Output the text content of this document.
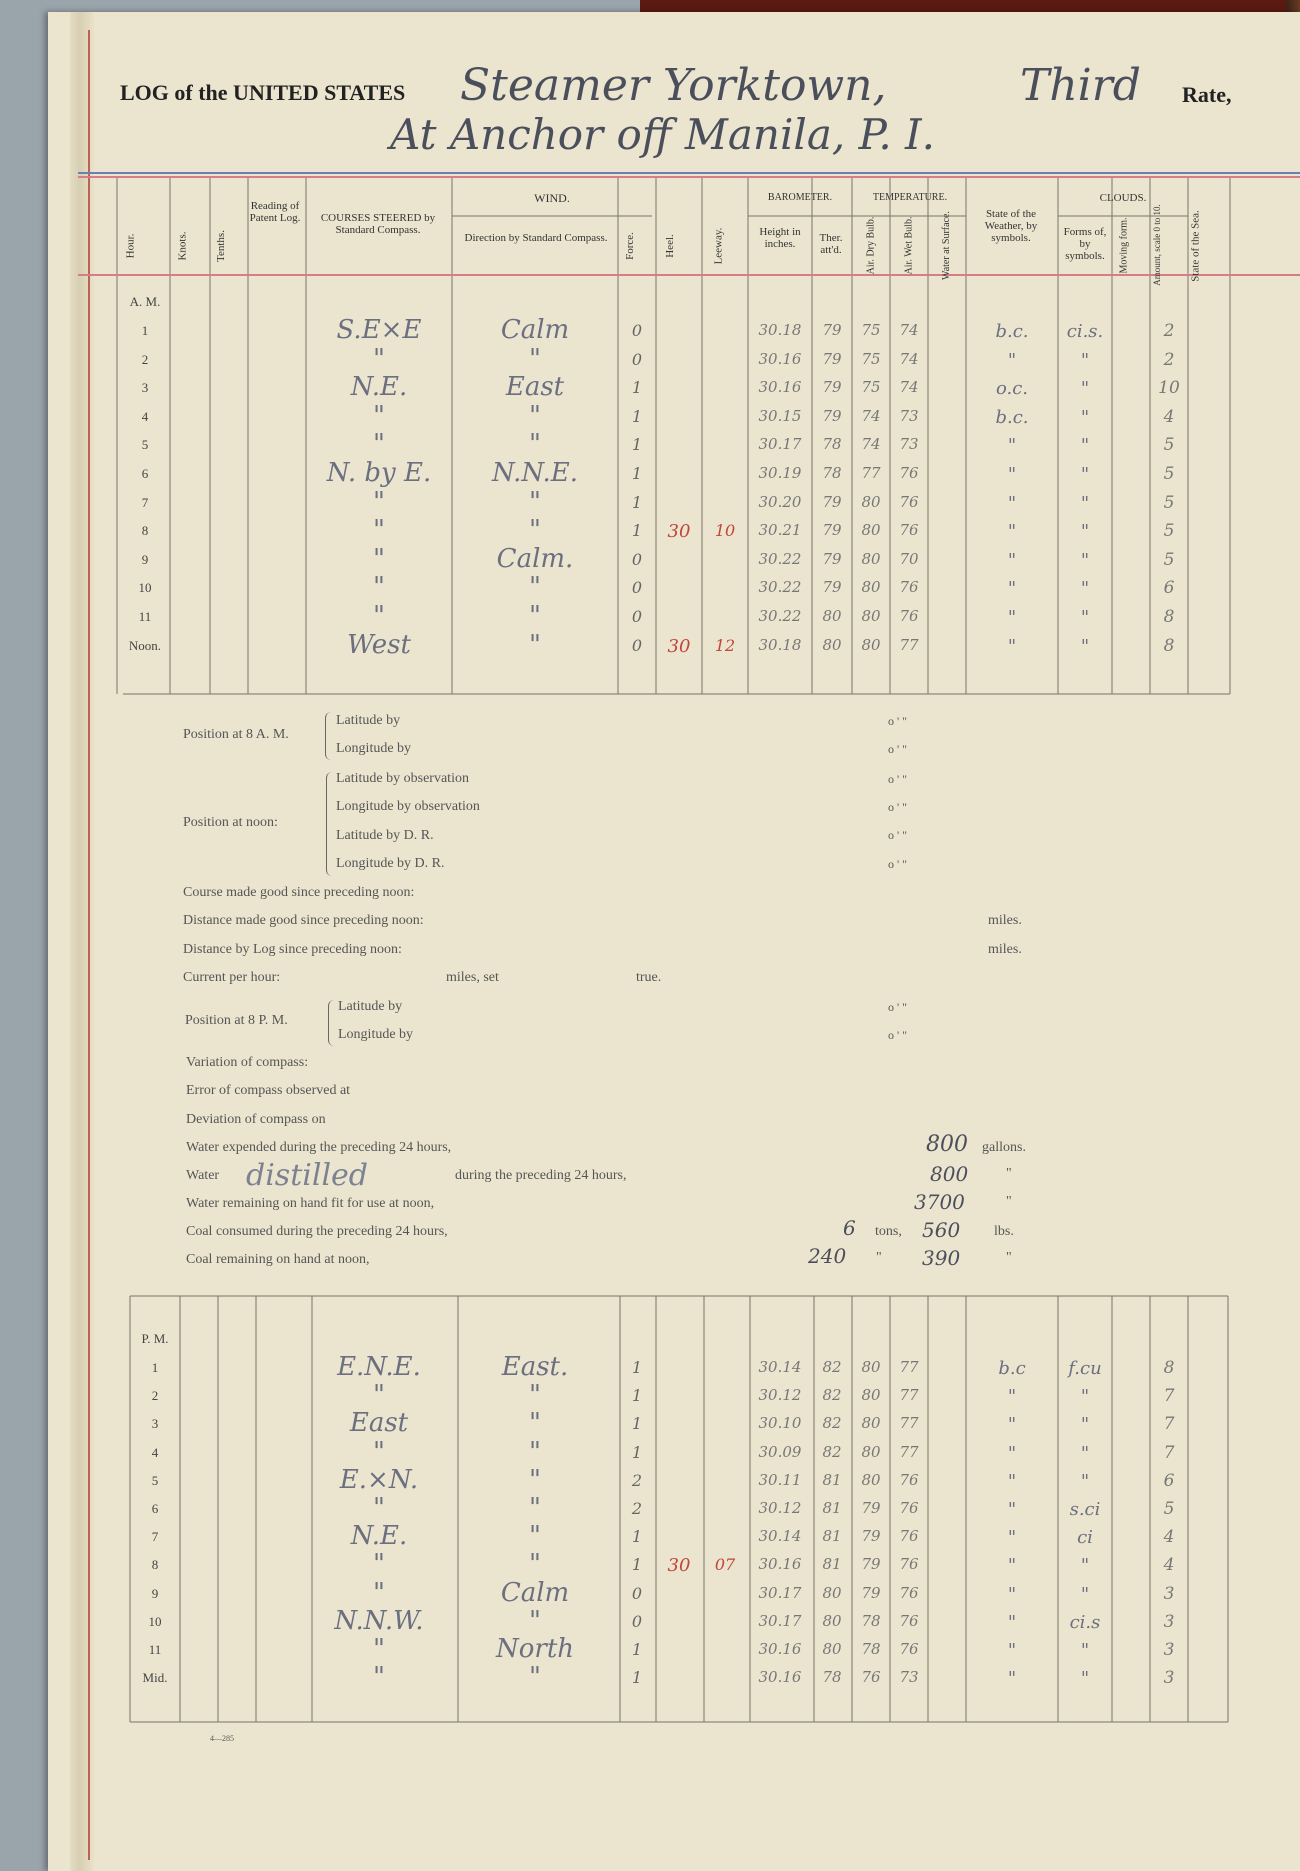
LOG of the UNITED STATES	Rate,
Steamer Yorktown,	Third
At Anchor off Manila, P. I.
Hour.	Knots. Tenths.
Reading of Patent Log.	COURSES STEERED by Standard Compass.
WIND.
Direction by Standard Compass.	Force.	Heel.	Leeway.
BAROMETER.
Height in inches.	Ther. att'd.
TEMPERATURE.
Air. Dry Bulb.	Air. Wet Bulb.	Water at Surface.	State of the Weather, by symbols.
CLOUDS.
Forms of, by symbols.	Moving form. Amount, scale 0 to 10.	State of the Sea.
A. M.
1	S.E×E	Calm	0	30.18	79	75	74	b.c.	ci.s.	2
2	"	"	0	30.16	79	75	74	"	"	2
3	N.E.	East	1	30.16	79	75	74	o.c.	"	10
4	"	"	1	30.15	79	74	73	b.c.	"	4
5	"	"	1	30.17	78	74	73	"	"	5
6	N. by E.	N.N.E.	1	30.19	78	77	76	"	"	5
7	"	"	1	30.20	79	80	76	"	"	5
8	"	"	1	30	10	30.21	79	80	76	"	"	5
9	"	Calm.	0	30.22	79	80	70	"	"	5
10	"	"	0	30.22	79	80	76	"	"	6
11	"	"	0	30.22	80	80	76	"	"	8
Noon.	West	"	0	30	12	30.18	80	80	77	"	"	8
Position at 8 A. M.
Latitude by
Longitude by
Position at noon:
Latitude by observation
Longitude by observation
Latitude by D. R.
Longitude by D. R.
o ' "
o ' "
o ' "
o ' "
o ' "
o ' "
Course made good since preceding noon:
Distance made good since preceding noon:	miles.
Distance by Log since preceding noon:	miles.
Current per hour:	miles, set	true.
Position at 8 P. M.
Latitude by
Longitude by
o ' "
o ' "
Variation of compass:
Error of compass observed at
Deviation of compass on
Water expended during the preceding 24 hours,	800 gallons.
Water distilled	during the preceding 24 hours,	800	"
Water remaining on hand fit for use at noon,	3700	"
Coal consumed during the preceding 24 hours,	6 tons, 560 lbs.
Coal remaining on hand at noon,	240 " 390	"
P. M.
1	E.N.E.	East.	1	30.14	82	80	77	b.c	f.cu	8
2	"	"	1	30.12	82	80	77	"	"	7
3	East	"	1	30.10	82	80	77	"	"	7
4	"	"	1	30.09	82	80	77	"	"	7
5	E.×N.	"	2	30.11	81	80	76	"	"	6
6	"	"	2	30.12	81	79	76	"	s.ci	5
7	N.E.	"	1	30.14	81	79	76	"	ci	4
8	"	"	1	30	07	30.16	81	79	76	"	"	4
9	"	Calm	0	30.17	80	79	76	"	"	3
10	N.N.W.	"	0	30.17	80	78	76	"	ci.s	3
11	"	North	1	30.16	80	78	76	"	"	3
Mid.	"	"	1	30.16	78	76	73	"	"	3
4—285
